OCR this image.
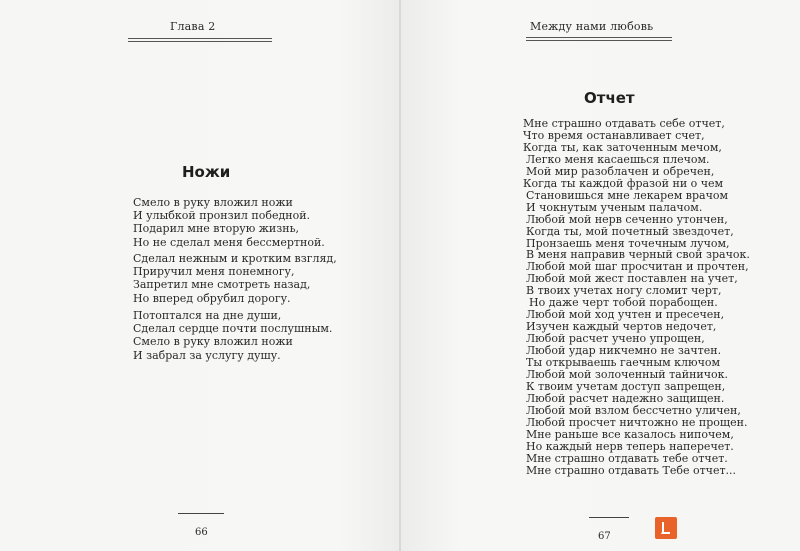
Глава 2
Ножи
Смело в руку вложил ножи
И улыбкой пронзил победной.
Подарил мне вторую жизнь,
Но не сделал меня бессмертной.
Сделал нежным и кротким взгляд,
Приручил меня понемногу,
Запретил мне смотреть назад,
Но вперед обрубил дорогу.
Потоптался на дне души,
Сделал сердце почти послушным.
Смело в руку вложил ножи
И забрал за услугу душу.
66
Между нами любовь
Отчет
Мне страшно отдавать себе отчет,
Что время останавливает счет,
Когда ты, как заточенным мечом,
Легко меня касаешься плечом.
Мой мир разоблачен и обречен,
Когда ты каждой фразой ни о чем
Становишься мне лекарем врачом
И чокнутым ученым палачом.
Любой мой нерв сеченно утончен,
Когда ты, мой почетный звездочет,
Пронзаешь меня точечным лучом,
В меня направив черный свой зрачок.
Любой мой шаг просчитан и прочтен,
Любой мой жест поставлен на учет,
В твоих учетах ногу сломит черт,
Но даже черт тобой порабощен.
Любой мой ход учтен и пресечен,
Изучен каждый чертов недочет,
Любой расчет учено упрощен,
Любой удар никчемно не зачтен.
Ты открываешь гаечным ключом
Любой мой золоченный тайничок.
К твоим учетам доступ запрещен,
Любой расчет надежно защищен.
Любой мой взлом бессчетно уличен,
Любой просчет ничтожно не прощен.
Мне раньше все казалось нипочем,
Но каждый нерв теперь наперечет.
Мне страшно отдавать тебе отчет.
Мне страшно отдавать Тебе отчет...
67
